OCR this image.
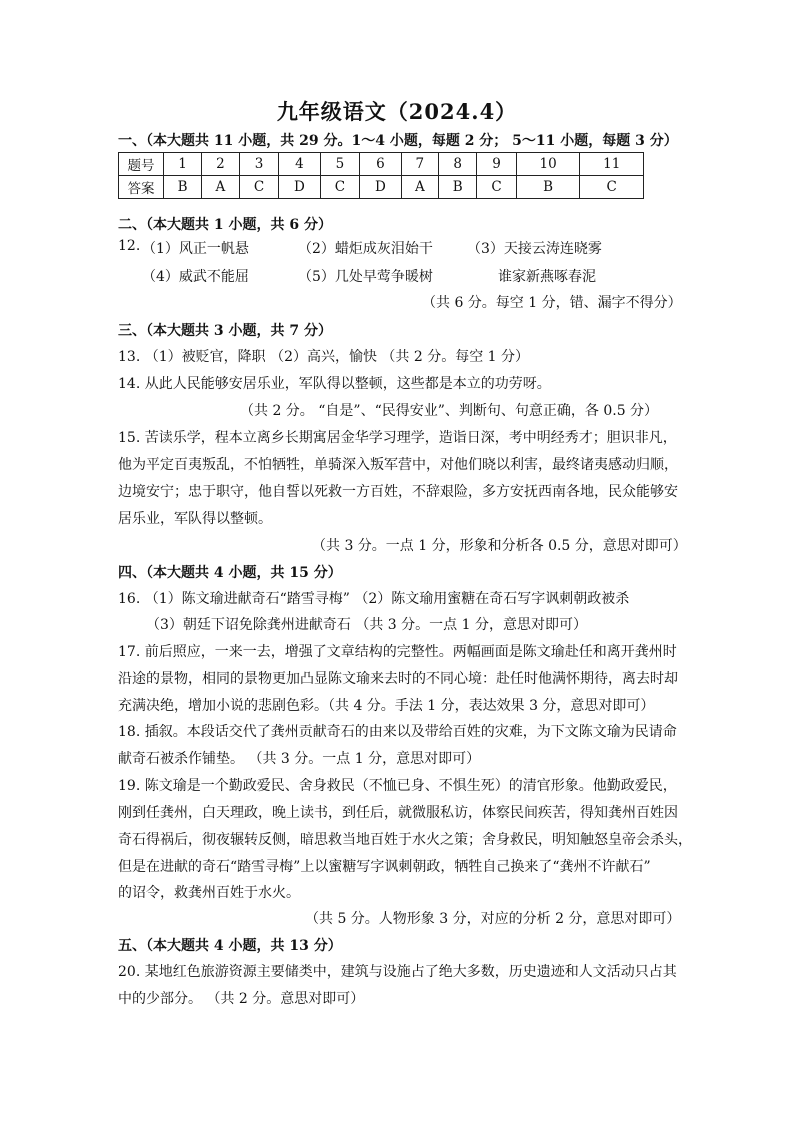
九年级语文（2024.4）
一、（本大题共 11 小题，共 29 分。1～4 小题，每题 2 分； 5～11 小题，每题 3 分）
题号	1	2	3	4	5	6	7	8	9	10	11
答案	B	A	C	D	C	D	A	B	C	B	C
二、（本大题共 1 小题，共 6 分）
12. （1）风正一帆悬	（2）蜡炬成灰泪始干 （3）天接云涛连晓雾
（4）威武不能屈	（5）几处早莺争暖树	谁家新燕啄春泥
（共 6 分。每空 1 分，错、漏字不得分）
三、（本大题共 3 小题，共 7 分）
13. （1）被贬官，降职 （2）高兴，愉快 （共 2 分。每空 1 分）
14. 从此人民能够安居乐业，军队得以整顿，这些都是本立的功劳呀。
（共 2 分。 “自是”、“民得安业”、判断句、句意正确，各 0.5 分）
15. 苦读乐学，程本立离乡长期寓居金华学习理学，造诣日深，考中明经秀才；胆识非凡，
他为平定百夷叛乱，不怕牺牲，单骑深入叛军营中，对他们晓以利害，最终诸夷感动归顺，
边境安宁；忠于职守，他自誓以死救一方百姓，不辞艰险，多方安抚西南各地，民众能够安
居乐业，军队得以整顿。
（共 3 分。一点 1 分，形象和分析各 0.5 分，意思对即可）
四、（本大题共 4 小题，共 15 分）
16. （1）陈文瑜进献奇石“踏雪寻梅” （2）陈文瑜用蜜糖在奇石写字讽刺朝政被杀
（3）朝廷下诏免除龚州进献奇石 （共 3 分。一点 1 分，意思对即可）
17. 前后照应，一来一去，增强了文章结构的完整性。两幅画面是陈文瑜赴任和离开龚州时
沿途的景物，相同的景物更加凸显陈文瑜来去时的不同心境：赴任时他满怀期待，离去时却
充满决绝，增加小说的悲剧色彩。（共 4 分。手法 1 分，表达效果 3 分，意思对即可）
18. 插叙。本段话交代了龚州贡献奇石的由来以及带给百姓的灾难，为下文陈文瑜为民请命
献奇石被杀作铺垫。 （共 3 分。一点 1 分，意思对即可）
19. 陈文瑜是一个勤政爱民、舍身救民（不恤已身、不惧生死）的清官形象。他勤政爱民，
刚到任龚州，白天理政，晚上读书，到任后，就微服私访，体察民间疾苦，得知龚州百姓因
奇石得祸后，彻夜辗转反侧，暗思救当地百姓于水火之策；舍身救民，明知触怒皇帝会杀头，
但是在进献的奇石“踏雪寻梅”上以蜜糖写字讽刺朝政，牺牲自己换来了“龚州不许献石”
的诏令，救龚州百姓于水火。
（共 5 分。人物形象 3 分，对应的分析 2 分，意思对即可）
五、（本大题共 4 小题，共 13 分）
20. 某地红色旅游资源主要储类中，建筑与设施占了绝大多数，历史遗迹和人文活动只占其
中的少部分。 （共 2 分。意思对即可）
